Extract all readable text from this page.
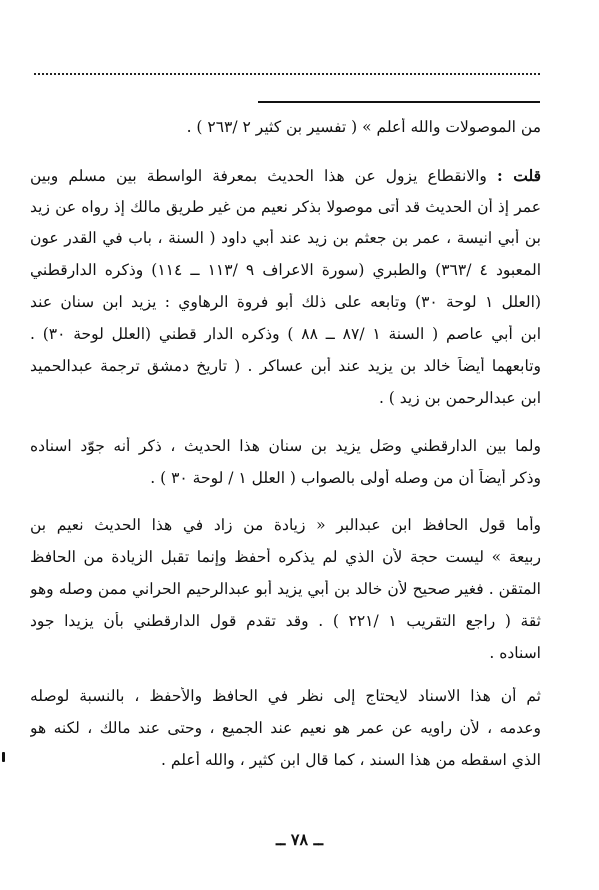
من الموصولات والله أعلم » ( تفسير بن كثير ٢ /٢٦٣ ) .
قلت : والانقطاع يزول عن هذا الحديث بمعرفة الواسطة بين مسلم وبين
عمر إذ أن الحديث قد أتى موصولا بذكر نعيم من غير طريق مالك إذ رواه عن زيد
بن أبي انيسة ، عمر بن جعثم بن زيد عند أبي داود ( السنة ، باب في القدر عون
المعبود ٤ /٣٦٣) والطبري (سورة الاعراف ٩ /١١٣ ــ ١١٤) وذكره الدارقطني
(العلل ١ لوحة ٣٠) وتابعه على ذلك أبو فروة الرهاوي : يزيد ابن سنان عند
ابن أبي عاصم ( السنة ١ /٨٧ ــ ٨٨ ) وذكره الدار قطني (العلل لوحة ٣٠) .
وتابعهما أيضاً خالد بن يزيد عند أبن عساكر . ( تاريخ دمشق ترجمة عبدالحميد
ابن عبدالرحمن بن زيد ) .
ولما بين الدارقطني وصَل يزيد بن سنان هذا الحديث ، ذكر أنه جوّد اسناده
وذكر أيضاً أن من وصله أولى بالصواب ( العلل ١ / لوحة ٣٠ ) .
وأما قول الحافظ ابن عبدالبر « زيادة من زاد في هذا الحديث نعيم بن
ربيعة » ليست حجة لأن الذي لم يذكره أحفظ وإنما تقبل الزيادة من الحافظ
المتقن . فغير صحيح لأن خالد بن أبي يزيد أبو عبدالرحيم الحراني ممن وصله وهو
ثقة ( راجع التقريب ١ /٢٢١ ) . وقد تقدم قول الدارقطني بأن يزيدا جود
اسناده .
ثم أن هذا الاسناد لايحتاج إلى نظر في الحافظ والأحفظ ، بالنسبة لوصله
وعدمه ، لأن راويه عن عمر هو نعيم عند الجميع ، وحتى عند مالك ، لكنه هو
الذي اسقطه من هذا السند ، كما قال ابن كثير ، والله أعلم .
ــ ٧٨ ــ
